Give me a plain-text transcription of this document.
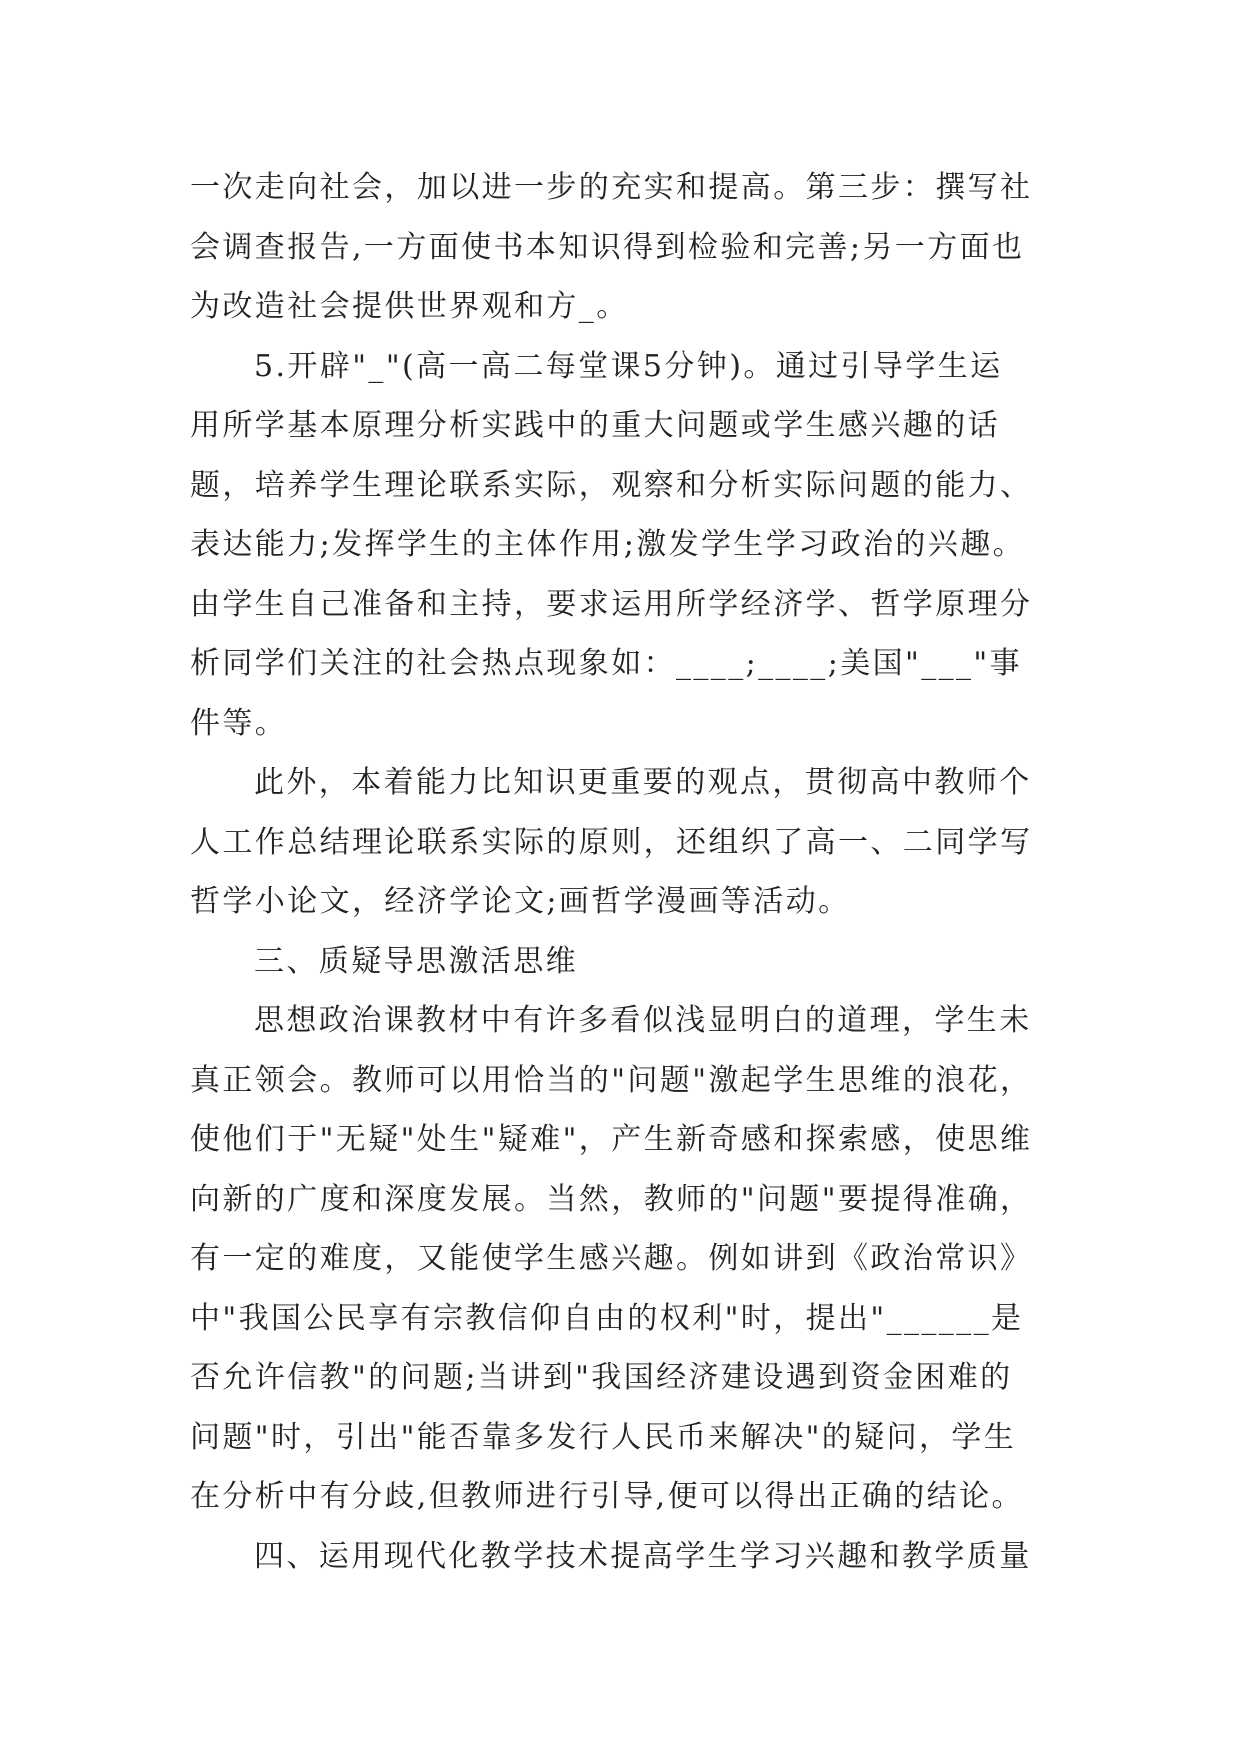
一次走向社会，加以进一步的充实和提高。第三步：撰写社
会调查报告,一方面使书本知识得到检验和完善;另一方面也
为改造社会提供世界观和方_。
5.开辟"_"(高一高二每堂课5分钟)。通过引导学生运
用所学基本原理分析实践中的重大问题或学生感兴趣的话
题，培养学生理论联系实际，观察和分析实际问题的能力、
表达能力;发挥学生的主体作用;激发学生学习政治的兴趣。
由学生自己准备和主持，要求运用所学经济学、哲学原理分
析同学们关注的社会热点现象如：____;____;美国"___"事
件等。
此外，本着能力比知识更重要的观点，贯彻高中教师个
人工作总结理论联系实际的原则，还组织了高一、二同学写
哲学小论文，经济学论文;画哲学漫画等活动。
三、质疑导思激活思维
思想政治课教材中有许多看似浅显明白的道理，学生未
真正领会。教师可以用恰当的"问题"激起学生思维的浪花，
使他们于"无疑"处生"疑难"，产生新奇感和探索感，使思维
向新的广度和深度发展。当然，教师的"问题"要提得准确，
有一定的难度，又能使学生感兴趣。例如讲到《政治常识》
中"我国公民享有宗教信仰自由的权利"时，提出"______是
否允许信教"的问题;当讲到"我国经济建设遇到资金困难的
问题"时，引出"能否靠多发行人民币来解决"的疑问，学生
在分析中有分歧,但教师进行引导,便可以得出正确的结论。
四、运用现代化教学技术提高学生学习兴趣和教学质量
